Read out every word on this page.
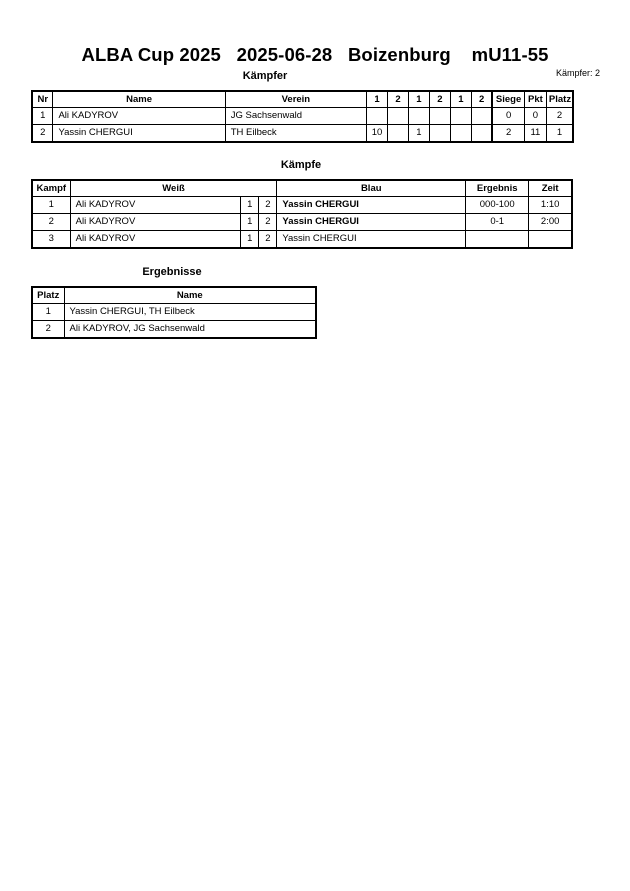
ALBA Cup 2025   2025-06-28   Boizenburg    mU11-55
Kämpfer: 2
Kämpfer
Nr	Name	Verein	1	2	1	2	1	2	Siege	Pkt	Platz
1	Ali KADYROV	JG Sachsenwald							0	0	2
2	Yassin CHERGUI	TH Eilbeck	10		1				2	11	1
Kämpfe
Kampf	Weiß			Blau	Ergebnis	Zeit
1	Ali KADYROV	1	2	Yassin CHERGUI	000-100	1:10
2	Ali KADYROV	1	2	Yassin CHERGUI	0-1	2:00
3	Ali KADYROV	1	2	Yassin CHERGUI		
Ergebnisse
Platz	Name
1	Yassin CHERGUI, TH Eilbeck
2	Ali KADYROV, JG Sachsenwald
